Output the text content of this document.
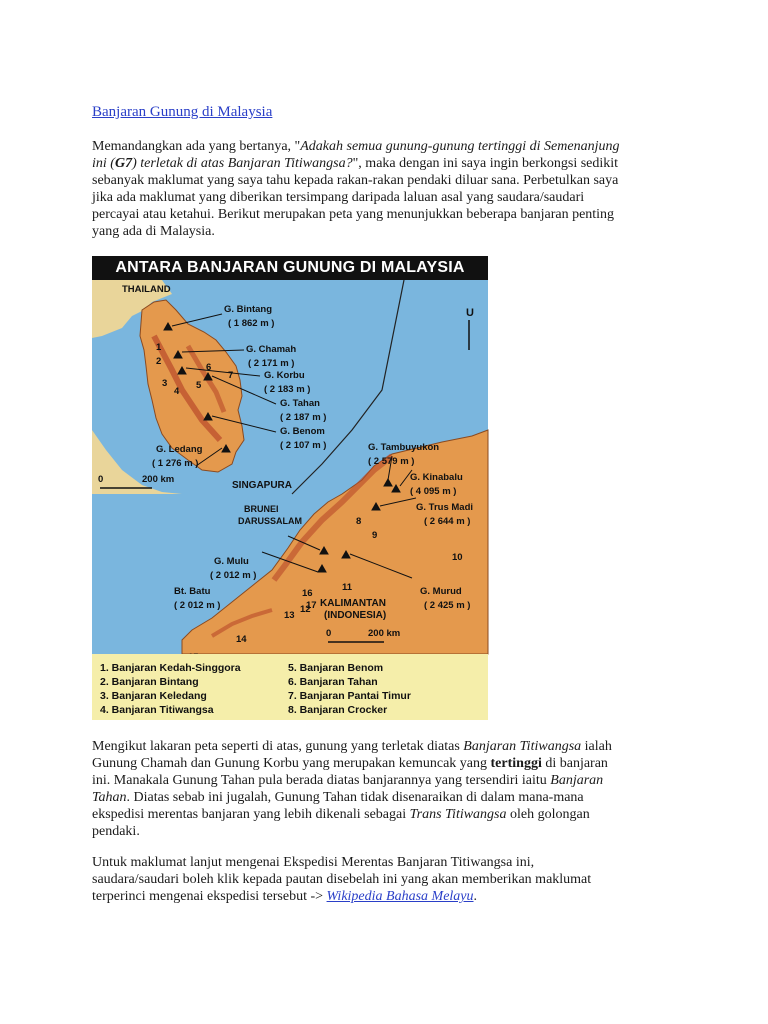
Banjaran Gunung di Malaysia
Memandangkan ada yang bertanya, "Adakah semua gunung-gunung tertinggi di Semenanjung
ini (G7) terletak di atas Banjaran Titiwangsa?", maka dengan ini saya ingin berkongsi sedikit
sebanyak maklumat yang saya tahu kepada rakan-rakan pendaki diluar sana. Perbetulkan saya
jika ada maklumat yang diberikan tersimpang daripada laluan asal yang saudara/saudari
percayai atau ketahui. Berikut merupakan peta yang menunjukkan beberapa banjaran penting
yang ada di Malaysia.
ANTARA BANJARAN GUNUNG DI MALAYSIA
U
0	200 km
0	200 km
THAILAND
SINGAPURA
BRUNEI
DARUSSALAM
KALIMANTAN
(INDONESIA)
G. Bintang
( 1 862 m )
G. Chamah
( 2 171 m )
G. Korbu
( 2 183 m )
G. Tahan
( 2 187 m )
G. Benom
( 2 107 m )
G. Ledang
( 1 276 m )
G. Tambuyukon
( 2 579 m )
G. Kinabalu
( 4 095 m )
G. Trus Madi
( 2 644 m )
G. Mulu
( 2 012 m )
Bt. Batu
( 2 012 m )
G. Murud
( 2 425 m )
1
2
3
4
5
6
7
8
9
10
11
12
13
14
16
17
1. Banjaran Kedah-Singgora
2. Banjaran Bintang
3. Banjaran Keledang
4. Banjaran Titiwangsa
5. Banjaran Benom
6. Banjaran Tahan
7. Banjaran Pantai Timur
8. Banjaran Crocker
Mengikut lakaran peta seperti di atas, gunung yang terletak diatas Banjaran Titiwangsa ialah
Gunung Chamah dan Gunung Korbu yang merupakan kemuncak yang tertinggi di banjaran
ini. Manakala Gunung Tahan pula berada diatas banjarannya yang tersendiri iaitu Banjaran
Tahan. Diatas sebab ini jugalah, Gunung Tahan tidak disenaraikan di dalam mana-mana
ekspedisi merentas banjaran yang lebih dikenali sebagai Trans Titiwangsa oleh golongan
pendaki.
Untuk maklumat lanjut mengenai Ekspedisi Merentas Banjaran Titiwangsa ini,
saudara/saudari boleh klik kepada pautan disebelah ini yang akan memberikan maklumat
terperinci mengenai ekspedisi tersebut -> Wikipedia Bahasa Melayu.
